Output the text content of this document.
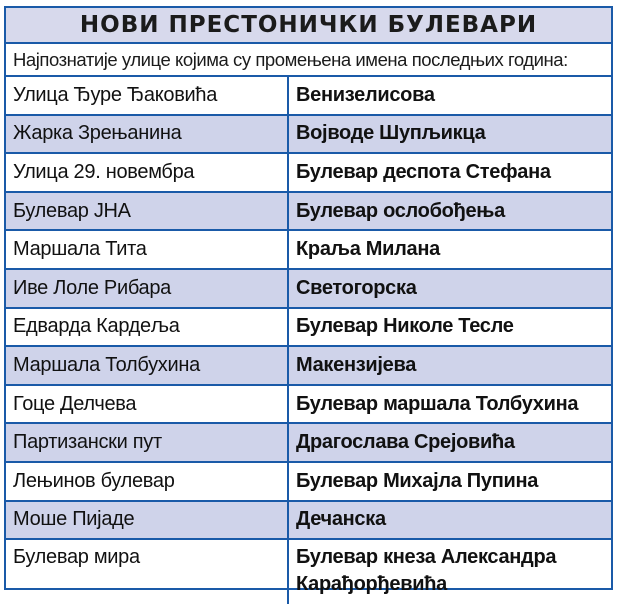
НОВИ ПРЕСТОНИЧКИ БУЛЕВАРИ
Најпознатије улице којима су промењена имена последњих година:
Улица Ђуре Ђаковића	Венизелисова
Жарка Зрењанина	Војводе Шупљикца
Улица 29. новембра	Булевар деспота Стефана
Булевар ЈНА	Булевар ослобођења
Маршала Тита	Краља Милана
Иве Лоле Рибара	Светогорска
Едварда Кардеља	Булевар Николе Тесле
Маршала Толбухина	Макензијева
Гоце Делчева	Булевар маршала Толбухина
Партизански пут	Драгослава Срејовића
Лењинов булевар	Булевар Михајла Пупина
Моше Пијаде	Дечанска
Булевар мира	Булевар кнеза Александра Карађорђевића
